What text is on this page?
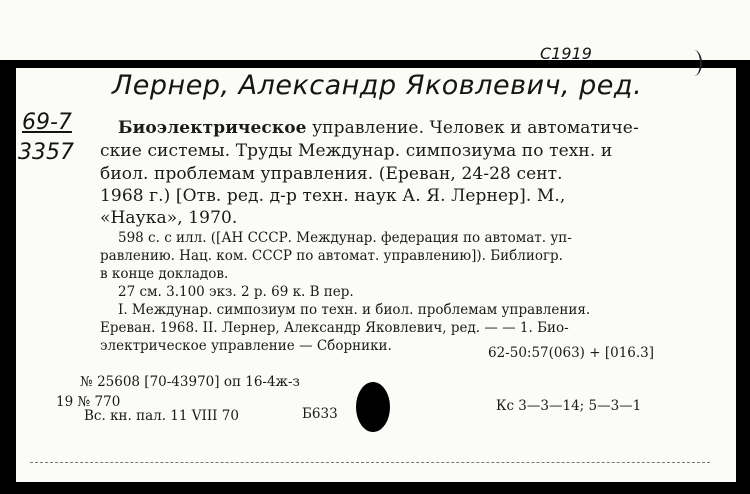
С1919
Лернер, Александр Яковлевич, ред.
69-7
3357
Биоэлектрическое управление. Человек и автоматиче-
ские системы. Труды Междунар. симпозиума по техн. и
биол. проблемам управления. (Ереван, 24-28 сент.
1968 г.) [Отв. ред. д-р техн. наук А. Я. Лернер]. М.,
«Наука», 1970.
598 с. с илл. ([АН СССР. Междунар. федерация по автомат. уп-
равлению. Нац. ком. СССР по автомат. управлению]). Библиогр.
в конце докладов.
27 см. 3.100 экз. 2 р. 69 к. В пер.
I. Междунар. симпозиум по техн. и биол. проблемам управления.
Ереван. 1968. II. Лернер, Александр Яковлевич, ред. — — 1. Био-
электрическое управление — Сборники.	62-50:57(063) + [016.3]
№ 25608 [70-43970] оп 16-4ж-з
19 № 770
Вс. кн. пал. 11 VIII 70	Б633	Кс 3—3—14; 5—3—1
